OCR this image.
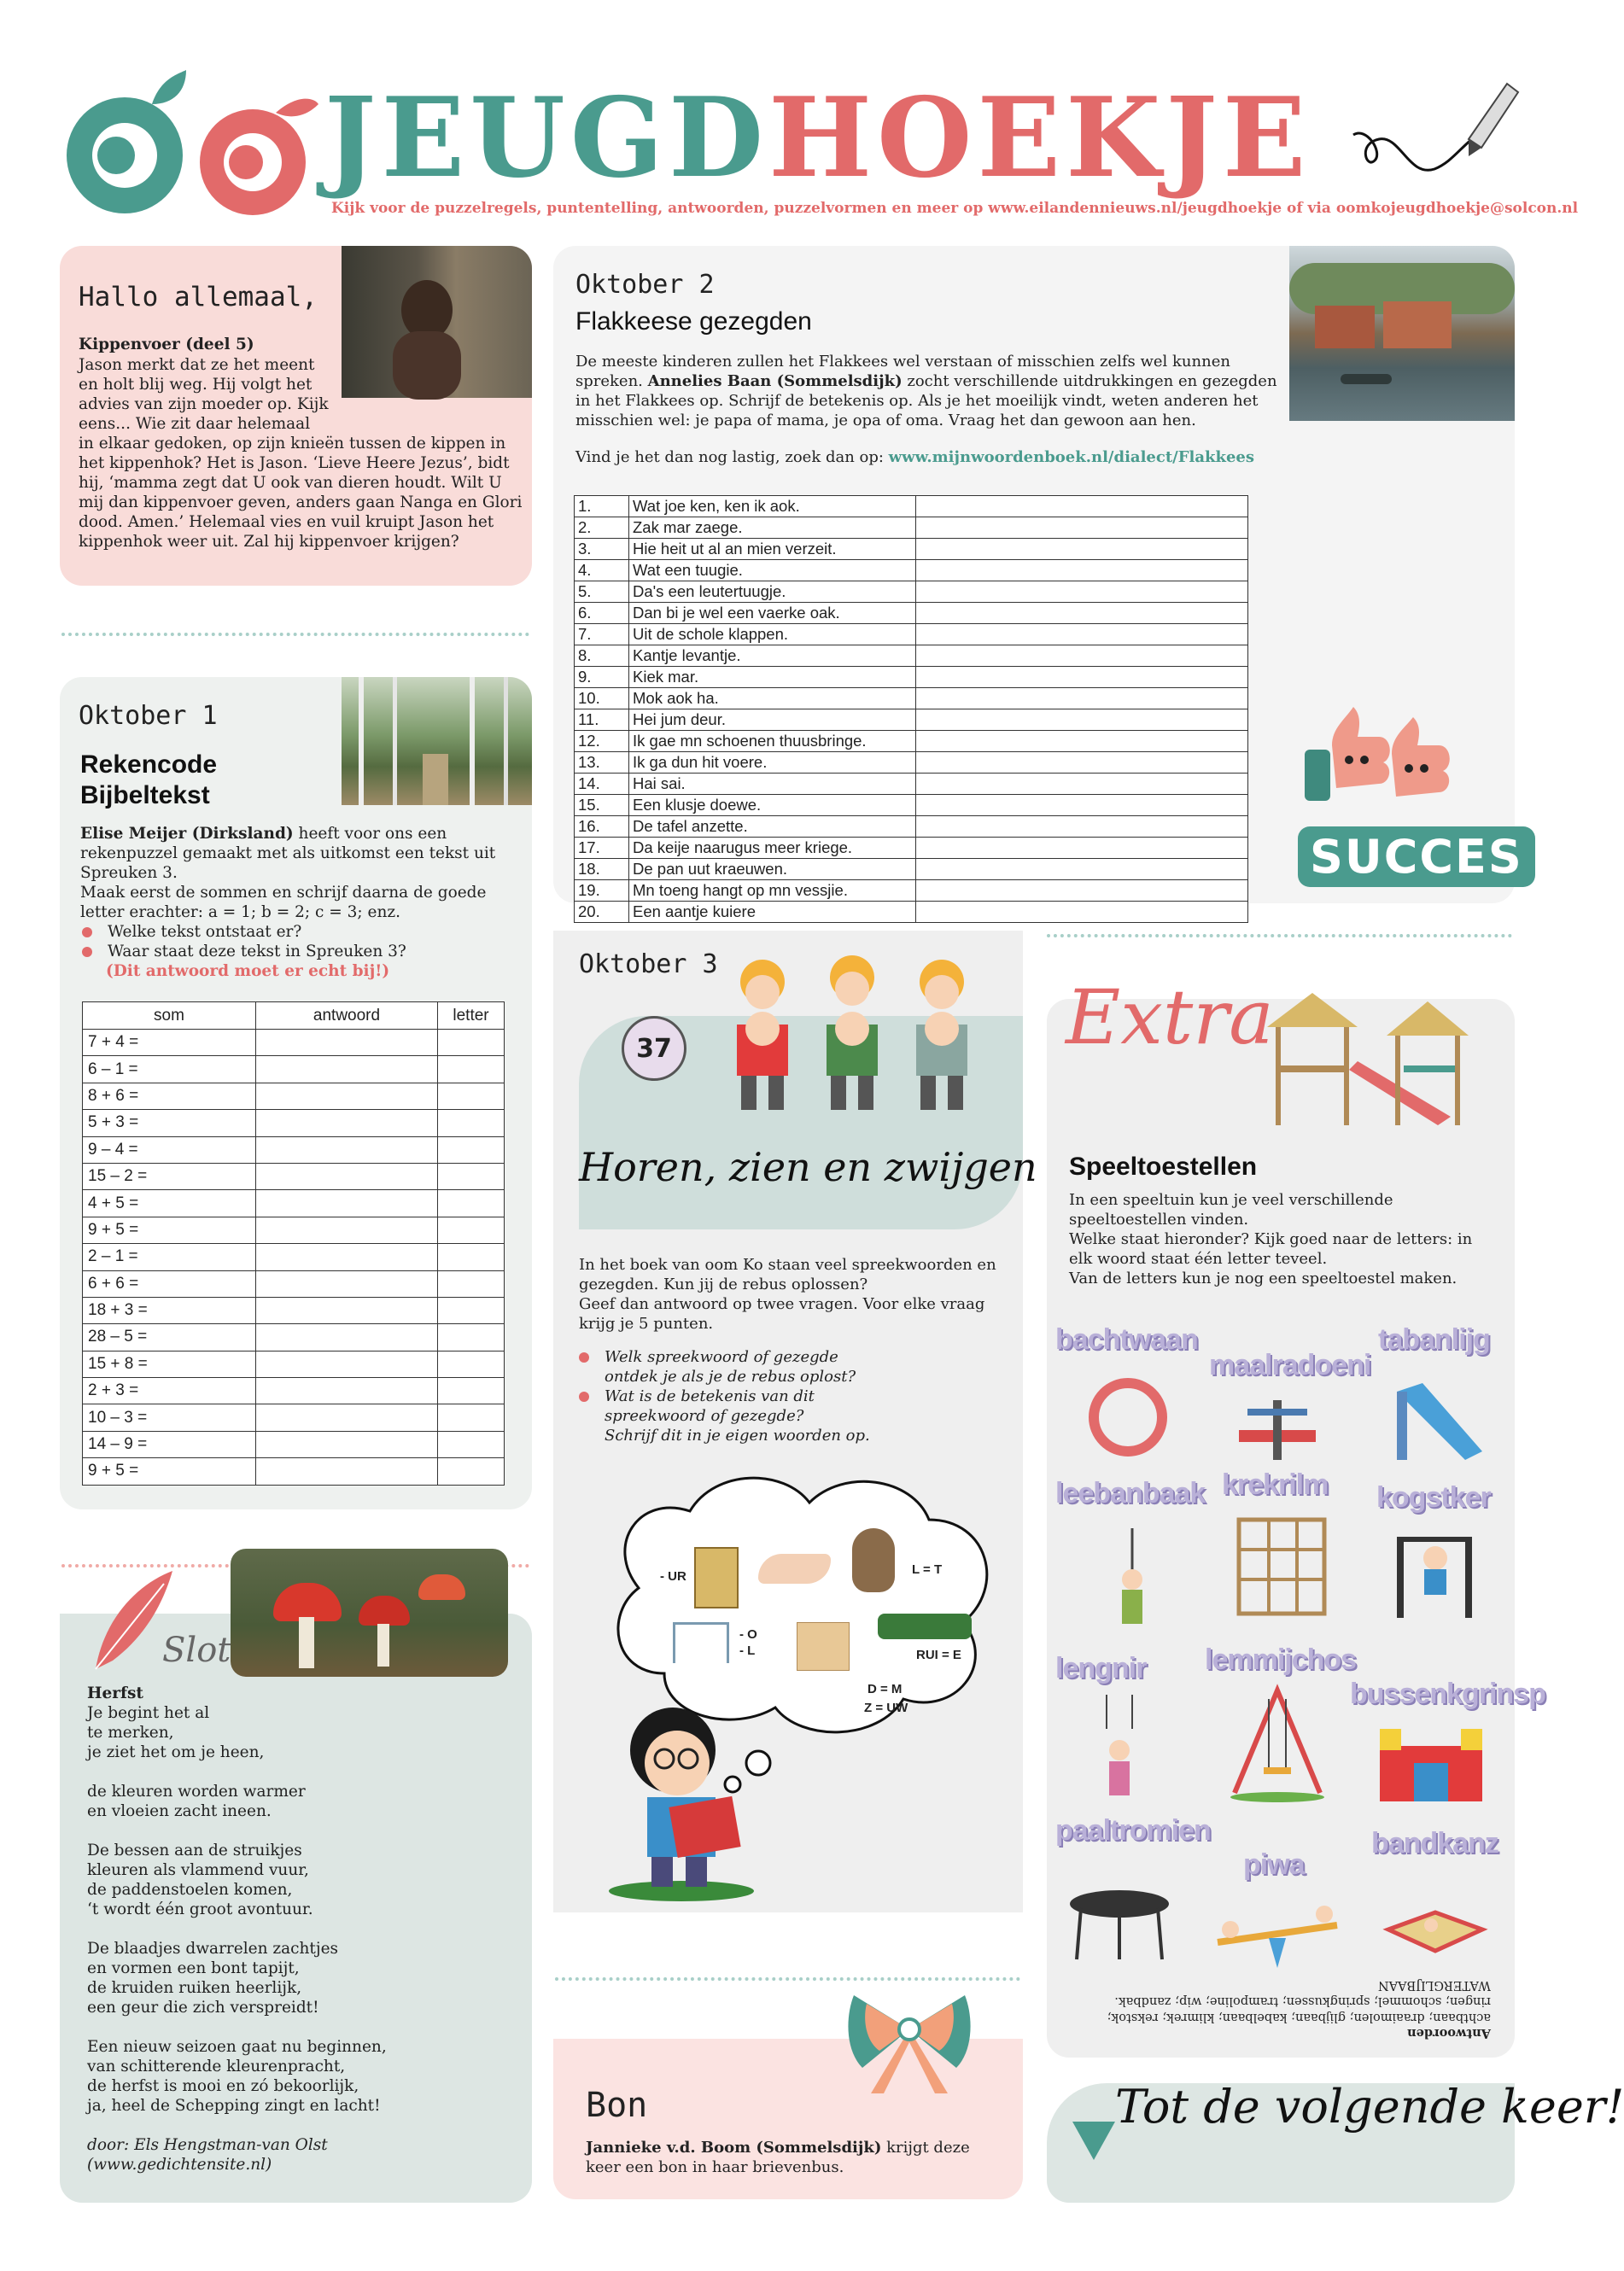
JEUGDHOEKJE
Kijk voor de puzzelregels, puntentelling, antwoorden, puzzelvormen en meer op www.eilandennieuws.nl/jeugdhoekje of via oomkojeugdhoekje@solcon.nl
Hallo allemaal,
Kippenvoer (deel 5)
Jason merkt dat ze het meent
en holt blij weg. Hij volgt het
advies van zijn moeder op. Kijk
eens... Wie zit daar helemaal
in elkaar gedoken, op zijn knieën tussen de kippen in
het kippenhok? Het is Jason. ‘Lieve Heere Jezus’, bidt
hij, ‘mamma zegt dat U ook van dieren houdt. Wilt U
mij dan kippenvoer geven, anders gaan Nanga en Glori
dood. Amen.’ Helemaal vies en vuil kruipt Jason het
kippenhok weer uit. Zal hij kippenvoer krijgen?
Oktober 1
Rekencode
Bijbeltekst
Elise Meijer (Dirksland) heeft voor ons een
rekenpuzzel gemaakt met als uitkomst een tekst uit
Spreuken 3.
Maak eerst de sommen en schrijf daarna de goede
letter erachter: a = 1; b = 2; c = 3; enz.
Welke tekst ontstaat er?
Waar staat deze tekst in Spreuken 3?
(Dit antwoord moet er echt bij!)
som	antwoord	letter
7 + 4 =		
6 – 1 =		
8 + 6 =		
5 + 3 =		
9 – 4 =		
15 – 2 =		
4 + 5 =		
9 + 5 =		
2 – 1 =		
6 + 6 =		
18 + 3 =		
28 – 5 =		
15 + 8 =		
2 + 3 =		
10 – 3 =		
14 – 9 =		
9 + 5 =		
Slot
Herfst
Je begint het al
te merken,
je ziet het om je heen,
de kleuren worden warmer
en vloeien zacht ineen.
De bessen aan de struikjes
kleuren als vlammend vuur,
de paddenstoelen komen,
‘t wordt één groot avontuur.
De blaadjes dwarrelen zachtjes
en vormen een bont tapijt,
de kruiden ruiken heerlijk,
een geur die zich verspreidt!
Een nieuw seizoen gaat nu beginnen,
van schitterende kleurenpracht,
de herfst is mooi en zó bekoorlijk,
ja, heel de Schepping zingt en lacht!
door: Els Hengstman-van Olst
(www.gedichtensite.nl)
Oktober 2
Flakkeese gezegden
De meeste kinderen zullen het Flakkees wel verstaan of misschien zelfs wel kunnen
spreken. Annelies Baan (Sommelsdijk) zocht verschillende uitdrukkingen en gezegden
in het Flakkees op. Schrijf de betekenis op. Als je het moeilijk vindt, weten anderen het
misschien wel: je papa of mama, je opa of oma. Vraag het dan gewoon aan hen.
Vind je het dan nog lastig, zoek dan op: www.mijnwoordenboek.nl/dialect/Flakkees
1.	Wat joe ken, ken ik aok.	
2.	Zak mar zaege.	
3.	Hie heit ut al an mien verzeit.	
4.	Wat een tuugie.	
5.	Da's een leutertuugje.	
6.	Dan bi je wel een vaerke oak.	
7.	Uit de schole klappen.	
8.	Kantje levantje.	
9.	Kiek mar.	
10.	Mok aok ha.	
11.	Hei jum deur.	
12.	Ik gae mn schoenen thuusbringe.	
13.	Ik ga dun hit voere.	
14.	Hai sai.	
15.	Een klusje doewe.	
16.	De tafel anzette.	
17.	Da keije naarugus meer kriege.	
18.	De pan uut kraeuwen.	
19.	Mn toeng hangt op mn vessjie.	
20.	Een aantje kuiere	
SUCCES
Oktober 3
37
Horen, zien en zwijgen
In het boek van oom Ko staan veel spreekwoorden en
gezegden. Kun jij de rebus oplossen?
Geef dan antwoord op twee vragen. Voor elke vraag
krijg je 5 punten.
Welk spreekwoord of gezegde
ontdek je als je de rebus oplost?
Wat is de betekenis van dit
spreekwoord of gezegde?
Schrijf dit in je eigen woorden op.
- UR	L = T
- O
- L	RUI = E
D = M
Z = UW
Bon
Jannieke v.d. Boom (Sommelsdijk) krijgt deze
keer een bon in haar brievenbus.
Extra
Speeltoestellen
In een speeltuin kun je veel verschillende
speeltoestellen vinden.
Welke staat hieronder? Kijk goed naar de letters: in
elk woord staat één letter teveel.
Van de letters kun je nog een speeltoestel maken.
bachtwaan
maalradoeni
tabanlijg
leebanbaak krekrilm kogstker
lengnir lemmijchos
bussenkgrinsp
paaltromien
piwa
bandkanz
Antwoorden
achtbaan; draaimolen; glijbaan; kabelbaan; klimrek; rekstok;
ringen; schommel; springkussen; trampoline; wip; zandbak.
WATERGLIJBAAN
Tot de volgende keer!
